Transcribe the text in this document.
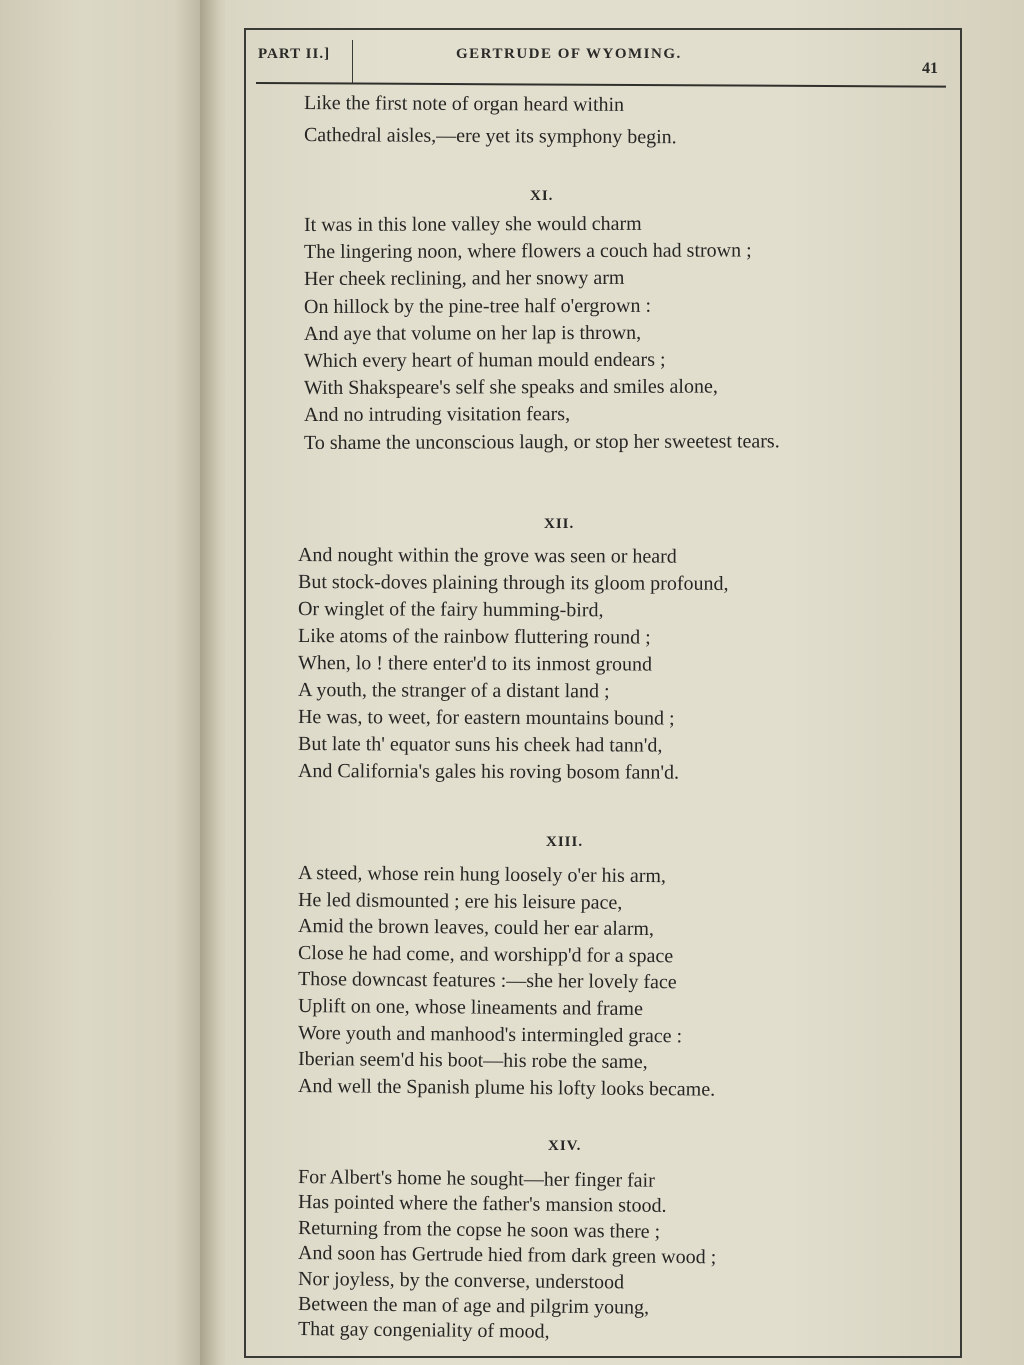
PART II.]	GERTRUDE OF WYOMING.
41
Like the first note of organ heard within
Cathedral aisles,—ere yet its symphony begin.
XI.
It was in this lone valley she would charm
The lingering noon, where flowers a couch had strown ;
Her cheek reclining, and her snowy arm
On hillock by the pine-tree half o'ergrown :
And aye that volume on her lap is thrown,
Which every heart of human mould endears ;
With Shakspeare's self she speaks and smiles alone,
And no intruding visitation fears,
To shame the unconscious laugh, or stop her sweetest tears.
XII.
And nought within the grove was seen or heard
But stock-doves plaining through its gloom profound,
Or winglet of the fairy humming-bird,
Like atoms of the rainbow fluttering round ;
When, lo ! there enter'd to its inmost ground
A youth, the stranger of a distant land ;
He was, to weet, for eastern mountains bound ;
But late th' equator suns his cheek had tann'd,
And California's gales his roving bosom fann'd.
XIII.
A steed, whose rein hung loosely o'er his arm,
He led dismounted ; ere his leisure pace,
Amid the brown leaves, could her ear alarm,
Close he had come, and worshipp'd for a space
Those downcast features :—she her lovely face
Uplift on one, whose lineaments and frame
Wore youth and manhood's intermingled grace :
Iberian seem'd his boot—his robe the same,
And well the Spanish plume his lofty looks became.
XIV.
For Albert's home he sought—her finger fair
Has pointed where the father's mansion stood.
Returning from the copse he soon was there ;
And soon has Gertrude hied from dark green wood ;
Nor joyless, by the converse, understood
Between the man of age and pilgrim young,
That gay congeniality of mood,
